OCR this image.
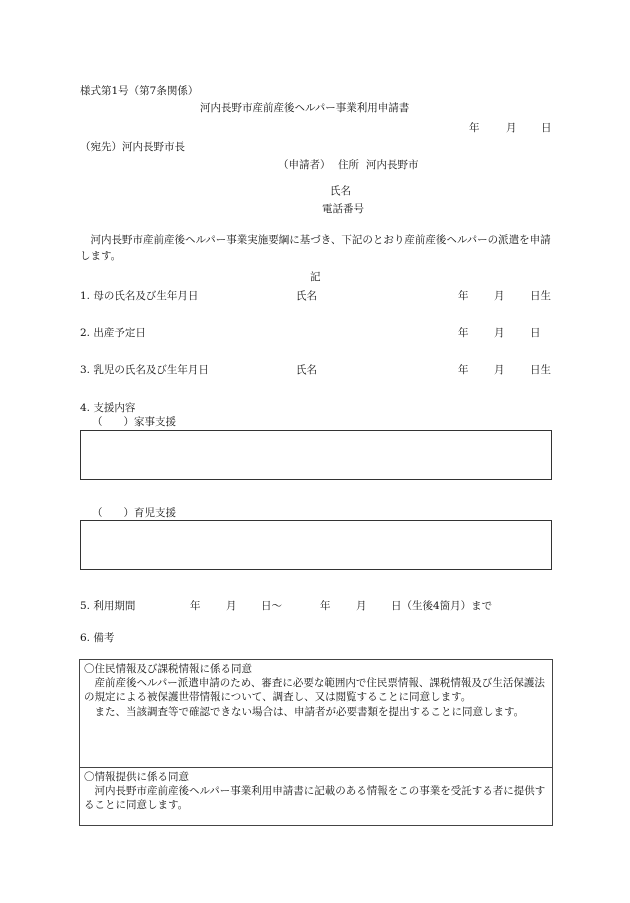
様式第1号（第7条関係）
河内長野市産前産後ヘルパー事業利用申請書
年	月 日
（宛先）河内長野市長
（申請者） 住所 河内長野市
氏名
電話番号
河内長野市産前産後ヘルパー事業実施要綱に基づき、下記のとおり産前産後ヘルパーの派遣を申請します。
記
1. 母の氏名及び生年月日	氏名	年 月 日生
2. 出産予定日	年 月 日
3. 乳児の氏名及び生年月日	氏名	年 月 日生
4. 支援内容
（　　）家事支援
（　　）育児支援
5. 利用期間	年 月 日～	年 月 日（生後4箇月）まで
6. 備考

〇住民情報及び課税情報に係る同意

産前産後ヘルパー派遣申請のため、審査に必要な範囲内で住民票情報、課税情報及び生活保護法の規定による被保護世帯情報について、調査し、又は閲覧することに同意します。

また、当該調査等で確認できない場合は、申請者が必要書類を提出することに同意します。

〇情報提供に係る同意

河内長野市産前産後ヘルパー事業利用申請書に記載のある情報をこの事業を受託する者に提供することに同意します。
